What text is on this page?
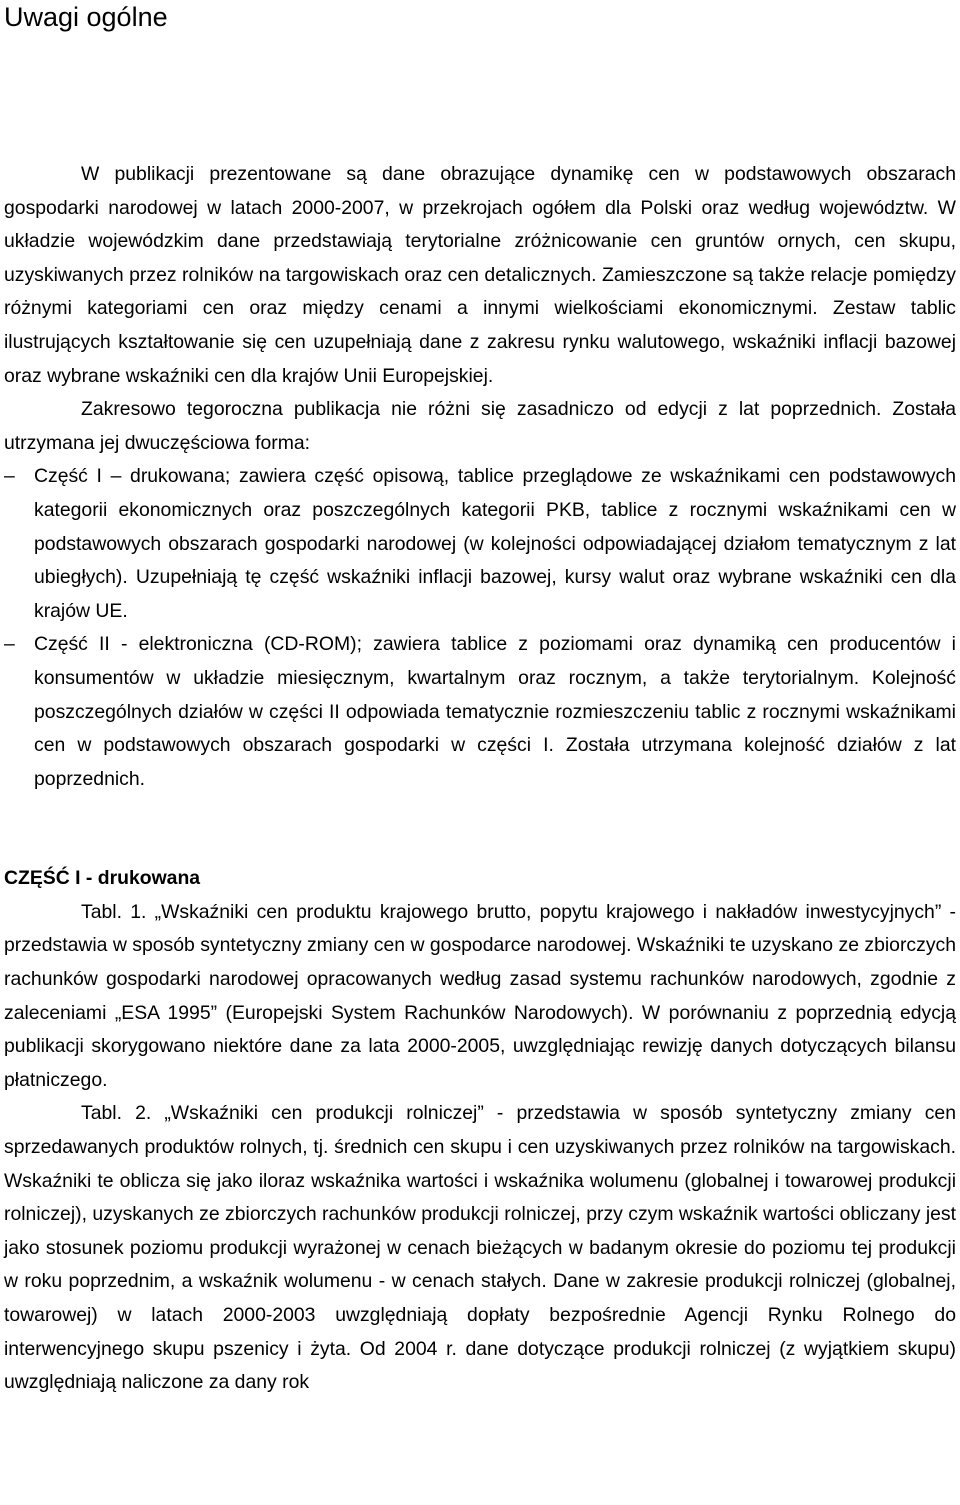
Uwagi ogólne

W publikacji prezentowane są dane obrazujące dynamikę cen w podstawowych obszarach gospodarki narodowej w latach 2000-2007, w przekrojach ogółem dla Polski oraz według województw. W układzie wojewódzkim dane przedstawiają terytorialne zróżnicowanie cen gruntów ornych, cen skupu, uzyskiwanych przez rolników na targowiskach oraz cen detalicznych. Zamieszczone są także relacje pomiędzy różnymi kategoriami cen oraz między cenami a innymi wielkościami ekonomicznymi. Zestaw tablic ilustrujących kształtowanie się cen uzupełniają dane z zakresu rynku walutowego, wskaźniki inflacji bazowej oraz wybrane wskaźniki cen dla krajów Unii Europejskiej.

Zakresowo tegoroczna publikacja nie różni się zasadniczo od edycji z lat poprzednich. Została utrzymana jej dwuczęściowa forma:

– Część I – drukowana; zawiera część opisową, tablice przeglądowe ze wskaźnikami cen podstawowych kategorii ekonomicznych oraz poszczególnych kategorii PKB, tablice z rocznymi wskaźnikami cen w podstawowych obszarach gospodarki narodowej (w kolejności odpowiadającej działom tematycznym z lat ubiegłych). Uzupełniają tę część wskaźniki inflacji bazowej, kursy walut oraz wybrane wskaźniki cen dla krajów UE.
– Część II - elektroniczna (CD-ROM); zawiera tablice z poziomami oraz dynamiką cen producentów i konsumentów w układzie miesięcznym, kwartalnym oraz rocznym, a także terytorialnym. Kolejność poszczególnych działów w części II odpowiada tematycznie rozmieszczeniu tablic z rocznymi wskaźnikami cen w podstawowych obszarach gospodarki w części I. Została utrzymana kolejność działów z lat poprzednich.
CZĘŚĆ I - drukowana

Tabl. 1. „Wskaźniki cen produktu krajowego brutto, popytu krajowego i nakładów inwestycyjnych” - przedstawia w sposób syntetyczny zmiany cen w gospodarce narodowej. Wskaźniki te uzyskano ze zbiorczych rachunków gospodarki narodowej opracowanych według zasad systemu rachunków narodowych, zgodnie z zaleceniami „ESA 1995” (Europejski System Rachunków Narodowych). W porównaniu z poprzednią edycją publikacji skorygowano niektóre dane za lata 2000-2005, uwzględniając rewizję danych dotyczących bilansu płatniczego.

Tabl. 2. „Wskaźniki cen produkcji rolniczej” - przedstawia w sposób syntetyczny zmiany cen sprzedawanych produktów rolnych, tj. średnich cen skupu i cen uzyskiwanych przez rolników na targowiskach. Wskaźniki te oblicza się jako iloraz wskaźnika wartości i wskaźnika wolumenu (globalnej i towarowej produkcji rolniczej), uzyskanych ze zbiorczych rachunków produkcji rolniczej, przy czym wskaźnik wartości obliczany jest jako stosunek poziomu produkcji wyrażonej w cenach bieżących w badanym okresie do poziomu tej produkcji w roku poprzednim, a wskaźnik wolumenu - w cenach stałych. Dane w zakresie produkcji rolniczej (globalnej, towarowej) w latach 2000-2003 uwzględniają dopłaty bezpośrednie Agencji Rynku Rolnego do interwencyjnego skupu pszenicy i żyta. Od 2004 r. dane dotyczące produkcji rolniczej (z wyjątkiem skupu) uwzględniają naliczone za dany rok
